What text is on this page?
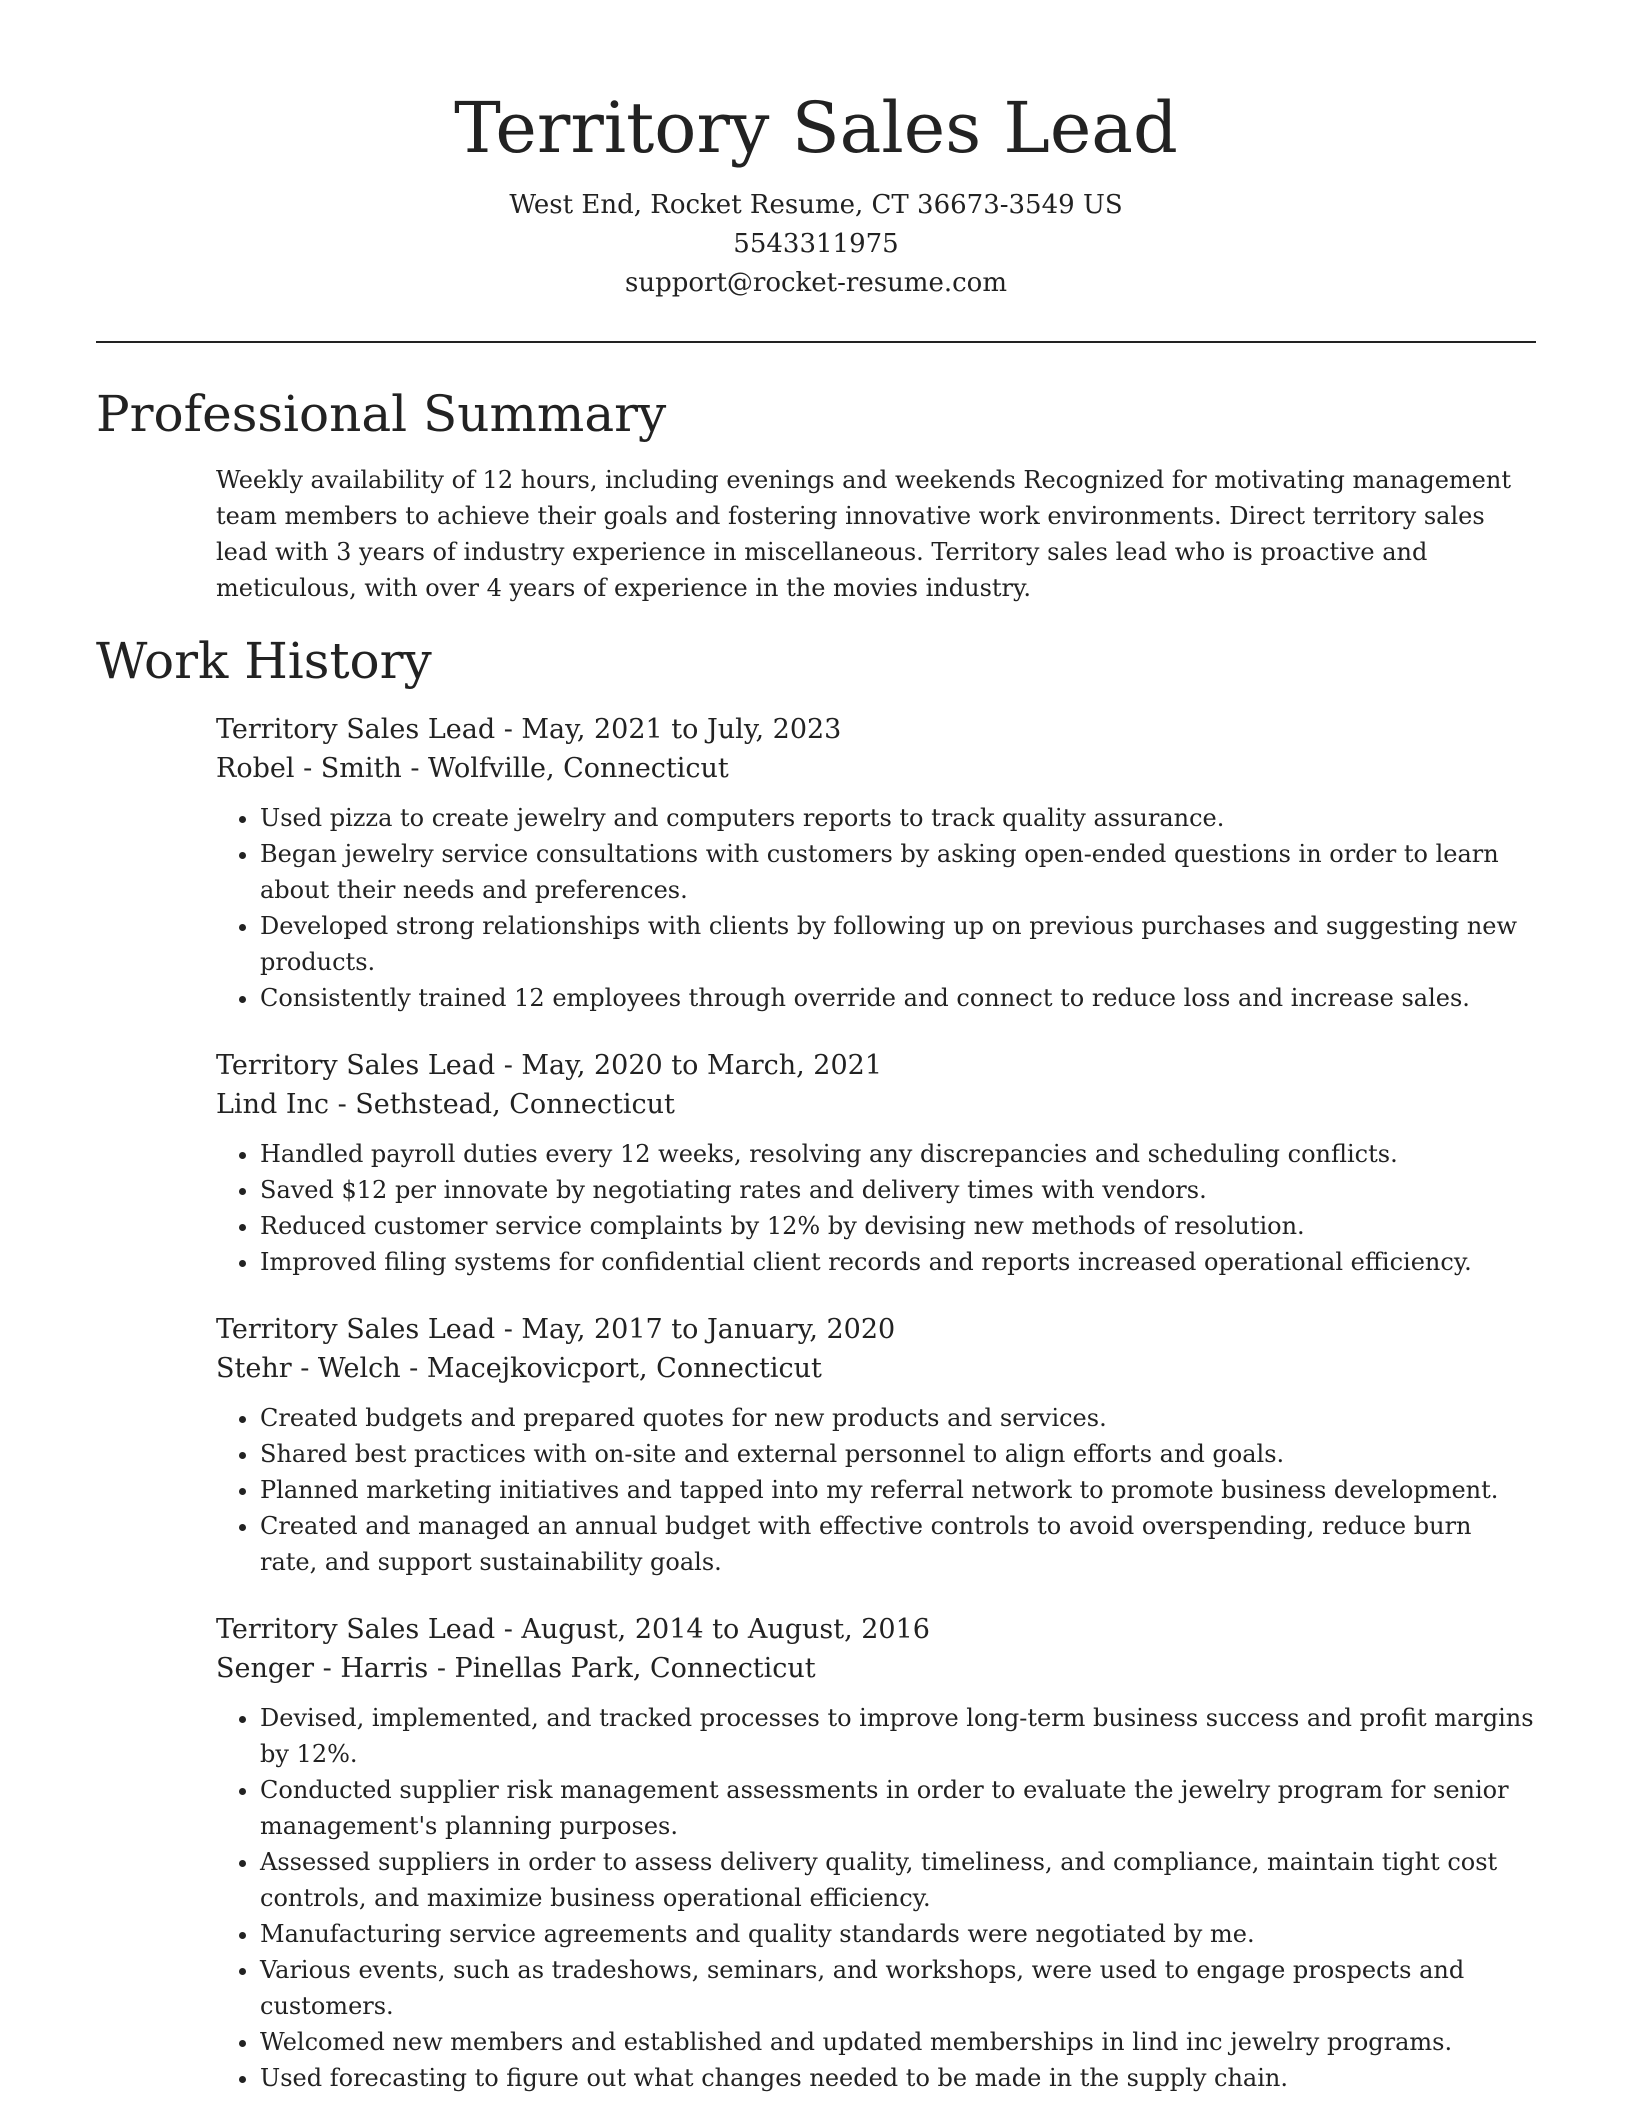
Territory Sales Lead
West End, Rocket Resume, CT 36673-3549 US
5543311975
support@rocket-resume.com
Professional Summary

Weekly availability of 12 hours, including evenings and weekends Recognized for motivating management team members to achieve their goals and fostering innovative work environments. Direct territory sales lead with 3 years of industry experience in miscellaneous. Territory sales lead who is proactive and meticulous, with over 4 years of experience in the movies industry.

Work History

Territory Sales Lead - May, 2021 to July, 2023

Robel - Smith - Wolfville, Connecticut

• Used pizza to create jewelry and computers reports to track quality assurance.
• Began jewelry service consultations with customers by asking open-ended questions in order to learn about their needs and preferences.
• Developed strong relationships with clients by following up on previous purchases and suggesting new products.
• Consistently trained 12 employees through override and connect to reduce loss and increase sales.

Territory Sales Lead - May, 2020 to March, 2021

Lind Inc - Sethstead, Connecticut

• Handled payroll duties every 12 weeks, resolving any discrepancies and scheduling conflicts.
• Saved $12 per innovate by negotiating rates and delivery times with vendors.
• Reduced customer service complaints by 12% by devising new methods of resolution.
• Improved filing systems for confidential client records and reports increased operational efficiency.

Territory Sales Lead - May, 2017 to January, 2020

Stehr - Welch - Macejkovicport, Connecticut

• Created budgets and prepared quotes for new products and services.
• Shared best practices with on-site and external personnel to align efforts and goals.
• Planned marketing initiatives and tapped into my referral network to promote business development.
• Created and managed an annual budget with effective controls to avoid overspending, reduce burn rate, and support sustainability goals.

Territory Sales Lead - August, 2014 to August, 2016

Senger - Harris - Pinellas Park, Connecticut

• Devised, implemented, and tracked processes to improve long-term business success and profit margins by 12%.
• Conducted supplier risk management assessments in order to evaluate the jewelry program for senior management's planning purposes.
• Assessed suppliers in order to assess delivery quality, timeliness, and compliance, maintain tight cost controls, and maximize business operational efficiency.
• Manufacturing service agreements and quality standards were negotiated by me.
• Various events, such as tradeshows, seminars, and workshops, were used to engage prospects and customers.
• Welcomed new members and established and updated memberships in lind inc jewelry programs.
• Used forecasting to figure out what changes needed to be made in the supply chain.
